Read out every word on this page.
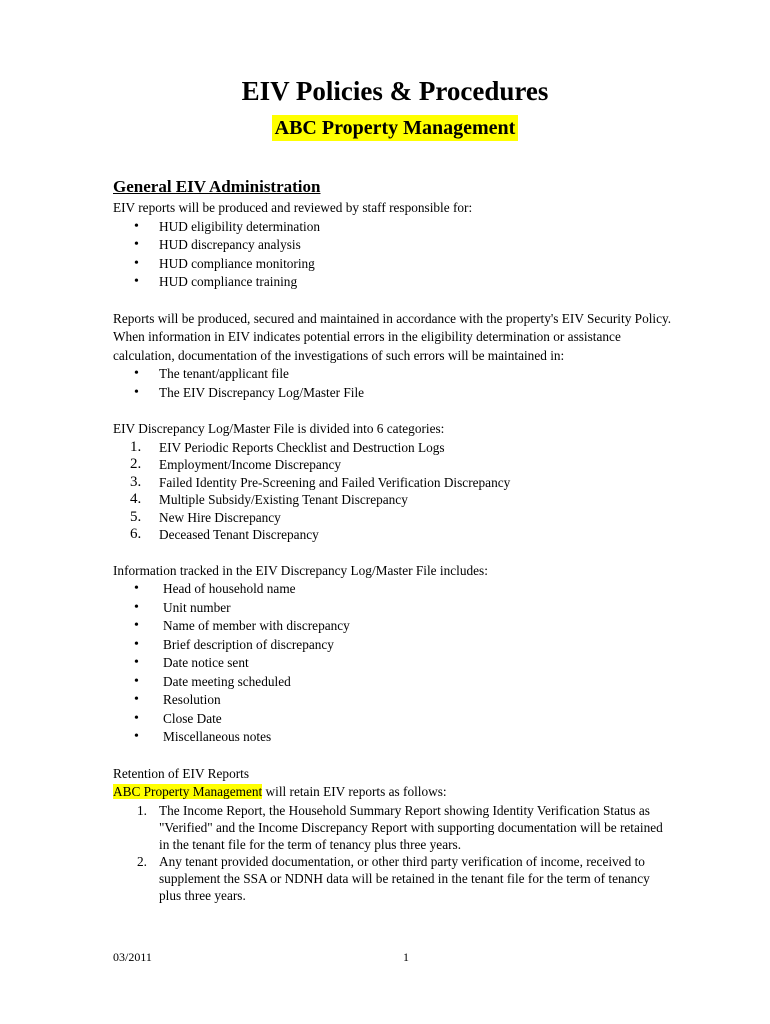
EIV Policies & Procedures
ABC Property Management
General EIV Administration

EIV reports will be produced and reviewed by staff responsible for:

• HUD eligibility determination
• HUD discrepancy analysis
• HUD compliance monitoring
• HUD compliance training

Reports will be produced, secured and maintained in accordance with the property's EIV Security Policy. When information in EIV indicates potential errors in the eligibility determination or assistance calculation, documentation of the investigations of such errors will be maintained in:

• The tenant/applicant file
• The EIV Discrepancy Log/Master File

EIV Discrepancy Log/Master File is divided into 6 categories:

1. EIV Periodic Reports Checklist and Destruction Logs
2. Employment/Income Discrepancy
3. Failed Identity Pre-Screening and Failed Verification Discrepancy
4. Multiple Subsidy/Existing Tenant Discrepancy
5. New Hire Discrepancy
6. Deceased Tenant Discrepancy

Information tracked in the EIV Discrepancy Log/Master File includes:

• Head of household name
• Unit number
• Name of member with discrepancy
• Brief description of discrepancy
• Date notice sent
• Date meeting scheduled
• Resolution
• Close Date
• Miscellaneous notes

Retention of EIV Reports

ABC Property Management will retain EIV reports as follows:

1. The Income Report, the Household Summary Report showing Identity Verification Status as "Verified" and the Income Discrepancy Report with supporting documentation will be retained in the tenant file for the term of tenancy plus three years.
2. Any tenant provided documentation, or other third party verification of income, received to supplement the SSA or NDNH data will be retained in the tenant file for the term of tenancy plus three years.
03/2011	1
